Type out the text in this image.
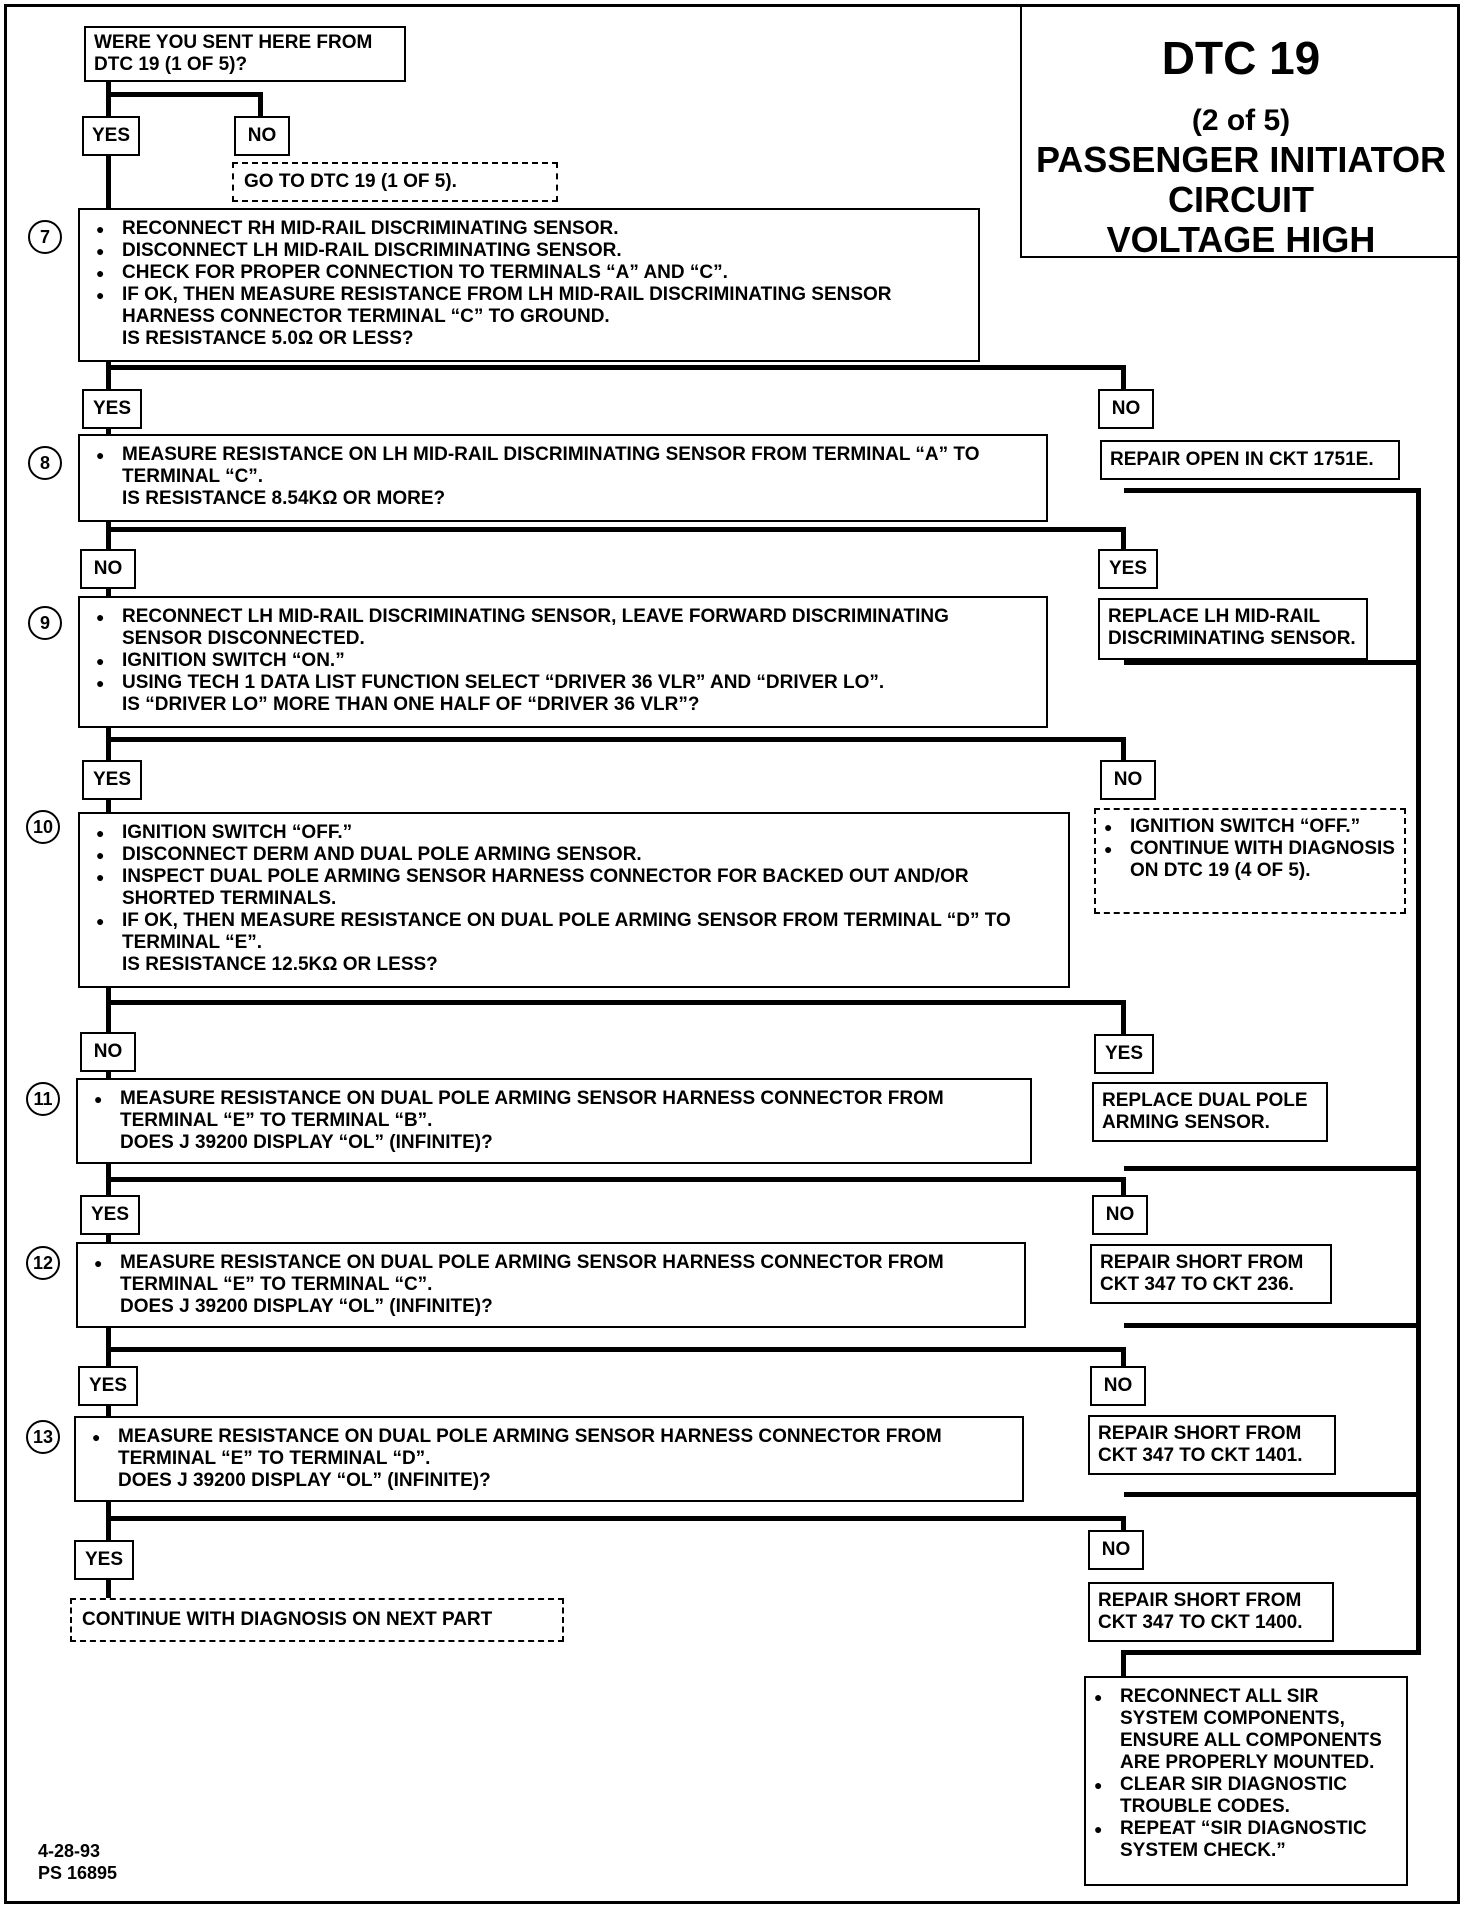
DTC 19
(2 of 5)
PASSENGER INITIATOR
CIRCUIT
VOLTAGE HIGH
WERE YOU SENT HERE FROM
DTC 19 (1 OF 5)?
YES	NO
GO TO DTC 19 (1 OF 5).
7	● RECONNECT RH MID-RAIL DISCRIMINATING SENSOR.
● DISCONNECT LH MID-RAIL DISCRIMINATING SENSOR.
● CHECK FOR PROPER CONNECTION TO TERMINALS “A” AND “C”.
● IF OK, THEN MEASURE RESISTANCE FROM LH MID-RAIL DISCRIMINATING SENSOR HARNESS CONNECTOR TERMINAL “C” TO GROUND.
IS RESISTANCE 5.0Ω OR LESS?
YES	NO
REPAIR OPEN IN CKT 1751E.
8	● MEASURE RESISTANCE ON LH MID-RAIL DISCRIMINATING SENSOR FROM TERMINAL “A” TO TERMINAL “C”.
IS RESISTANCE 8.54KΩ OR MORE?
NO	YES
REPLACE LH MID-RAIL DISCRIMINATING SENSOR.
9	● RECONNECT LH MID-RAIL DISCRIMINATING SENSOR, LEAVE FORWARD DISCRIMINATING SENSOR DISCONNECTED.
● IGNITION SWITCH “ON.”
● USING TECH 1 DATA LIST FUNCTION SELECT “DRIVER 36 VLR” AND “DRIVER LO”.
IS “DRIVER LO” MORE THAN ONE HALF OF “DRIVER 36 VLR”?
YES	NO
● IGNITION SWITCH “OFF.”
● CONTINUE WITH DIAGNOSIS ON DTC 19 (4 OF 5).
10	● IGNITION SWITCH “OFF.”
● DISCONNECT DERM AND DUAL POLE ARMING SENSOR.
● INSPECT DUAL POLE ARMING SENSOR HARNESS CONNECTOR FOR BACKED OUT AND/OR SHORTED TERMINALS.
● IF OK, THEN MEASURE RESISTANCE ON DUAL POLE ARMING SENSOR FROM TERMINAL “D” TO TERMINAL “E”.
IS RESISTANCE 12.5KΩ OR LESS?
NO	YES
REPLACE DUAL POLE ARMING SENSOR.
11	● MEASURE RESISTANCE ON DUAL POLE ARMING SENSOR HARNESS CONNECTOR FROM TERMINAL “E” TO TERMINAL “B”.
DOES J 39200 DISPLAY “OL” (INFINITE)?
YES	NO
REPAIR SHORT FROM CKT 347 TO CKT 236.
12	● MEASURE RESISTANCE ON DUAL POLE ARMING SENSOR HARNESS CONNECTOR FROM TERMINAL “E” TO TERMINAL “C”.
DOES J 39200 DISPLAY “OL” (INFINITE)?
YES	NO
REPAIR SHORT FROM CKT 347 TO CKT 1401.
13	● MEASURE RESISTANCE ON DUAL POLE ARMING SENSOR HARNESS CONNECTOR FROM TERMINAL “E” TO TERMINAL “D”.
DOES J 39200 DISPLAY “OL” (INFINITE)?
YES	NO
REPAIR SHORT FROM CKT 347 TO CKT 1400.
CONTINUE WITH DIAGNOSIS ON NEXT PART
● RECONNECT ALL SIR SYSTEM COMPONENTS, ENSURE ALL COMPONENTS ARE PROPERLY MOUNTED.
● CLEAR SIR DIAGNOSTIC TROUBLE CODES.
● REPEAT “SIR DIAGNOSTIC SYSTEM CHECK.”
4-28-93
PS 16895
